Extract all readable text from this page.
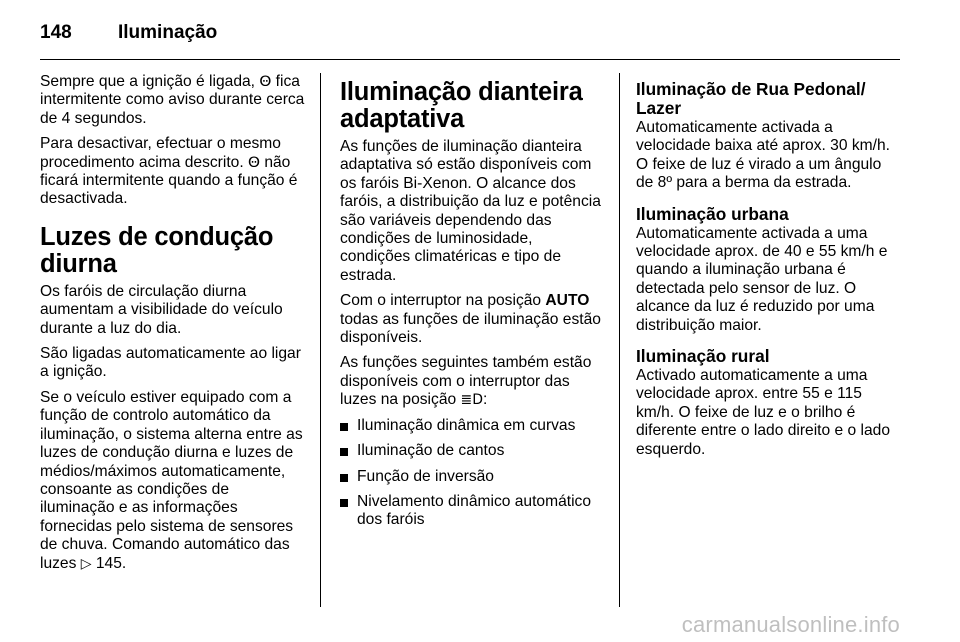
148	Iluminação

Sempre que a ignição é ligada, Ꙫ fica intermitente como aviso durante cerca de 4 segundos.

Para desactivar, efectuar o mesmo procedimento acima descrito. Ꙫ não ficará intermitente quando a função é desactivada.

Luzes de condução diurna

Os faróis de circulação diurna aumentam a visibilidade do veículo durante a luz do dia.

São ligadas automaticamente ao ligar a ignição.

Se o veículo estiver equipado com a função de controlo automático da iluminação, o sistema alterna entre as luzes de condução diurna e luzes de médios/máximos automaticamente, consoante as condições de iluminação e as informações fornecidas pelo sistema de sensores de chuva. Comando automático das luzes ▷ 145.

Iluminação dianteira adaptativa

As funções de iluminação dianteira adaptativa só estão disponíveis com os faróis Bi-Xenon. O alcance dos faróis, a distribuição da luz e potência são variáveis dependendo das condições de luminosidade, condições climatéricas e tipo de estrada.

Com o interruptor na posição AUTO todas as funções de iluminação estão disponíveis.

As funções seguintes também estão disponíveis com o interruptor das luzes na posição ≣D:

Iluminação dinâmica em curvas
Iluminação de cantos
Função de inversão
Nivelamento dinâmico automático dos faróis
Iluminação de Rua Pedonal/ Lazer

Automaticamente activada a velocidade baixa até aprox. 30 km/h. O feixe de luz é virado a um ângulo de 8º para a berma da estrada.

Iluminação urbana

Automaticamente activada a uma velocidade aprox. de 40 e 55 km/h e quando a iluminação urbana é detectada pelo sensor de luz. O alcance da luz é reduzido por uma distribuição maior.

Iluminação rural

Activado automaticamente a uma velocidade aprox. entre 55 e 115 km/h. O feixe de luz e o brilho é diferente entre o lado direito e o lado esquerdo.

carmanualsonline.info
